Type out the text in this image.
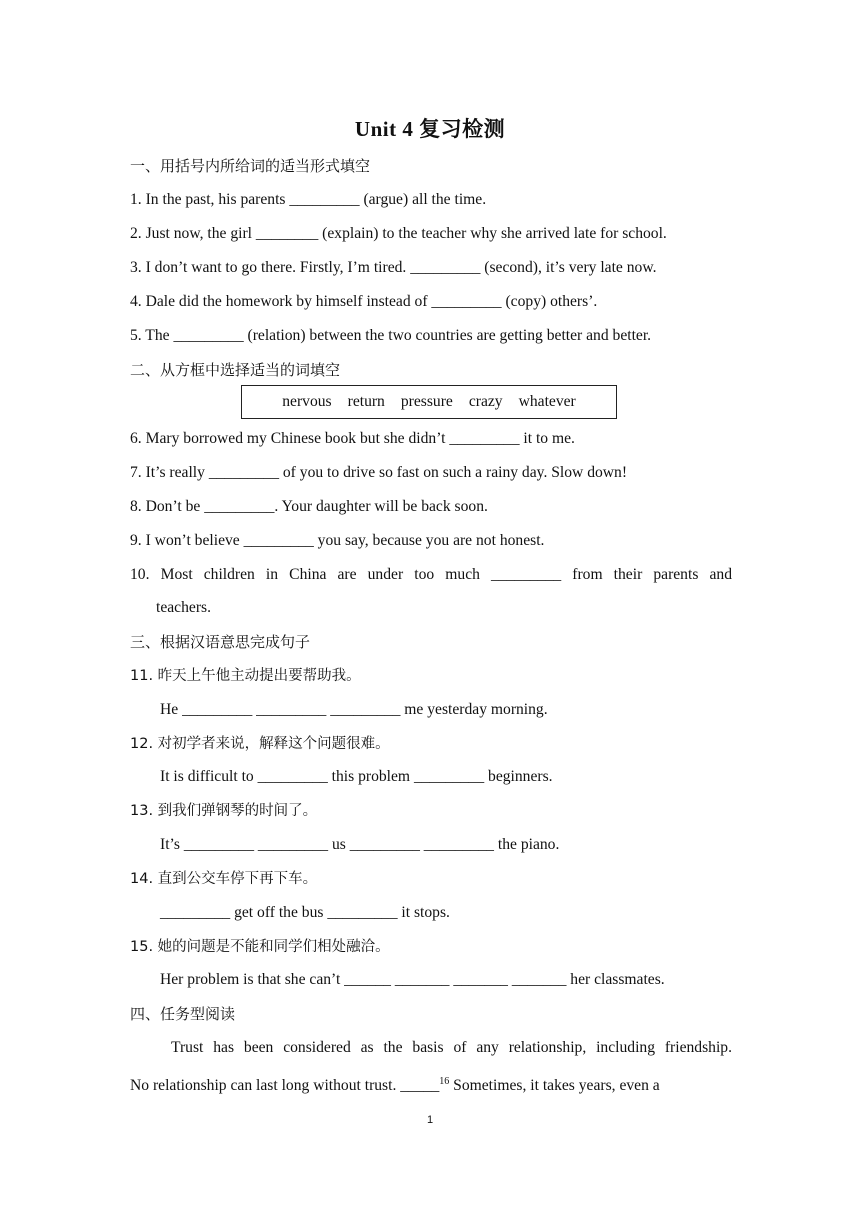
Unit 4 复习检测
一、用括号内所给词的适当形式填空
1. In the past, his parents _________ (argue) all the time.
2. Just now, the girl ________ (explain) to the teacher why she arrived late for school.
3. I don’t want to go there. Firstly, I’m tired. _________ (second), it’s very late now.
4. Dale did the homework by himself instead of _________ (copy) others’.
5. The _________ (relation) between the two countries are getting better and better.
二、从方框中选择适当的词填空
nervous return pressure crazy whatever
6. Mary borrowed my Chinese book but she didn’t _________ it to me.
7. It’s really _________ of you to drive so fast on such a rainy day. Slow down!
8. Don’t be _________. Your daughter will be back soon.
9. I won’t believe _________ you say, because you are not honest.
10. Most children in China are under too much _________ from their parents and
teachers.
三、根据汉语意思完成句子
11. 昨天上午他主动提出要帮助我。
He _________ _________ _________ me yesterday morning.
12. 对初学者来说，解释这个问题很难。
It is difficult to _________ this problem _________ beginners.
13. 到我们弹钢琴的时间了。
It’s _________ _________ us _________ _________ the piano.
14. 直到公交车停下再下车。
_________ get off the bus _________ it stops.
15. 她的问题是不能和同学们相处融洽。
Her problem is that she can’t ______ _______ _______ _______ her classmates.
四、任务型阅读
Trust has been considered as the basis of any relationship, including friendship.
No relationship can last long without trust. _____$^{16}$ Sometimes, it takes years, even a
1
